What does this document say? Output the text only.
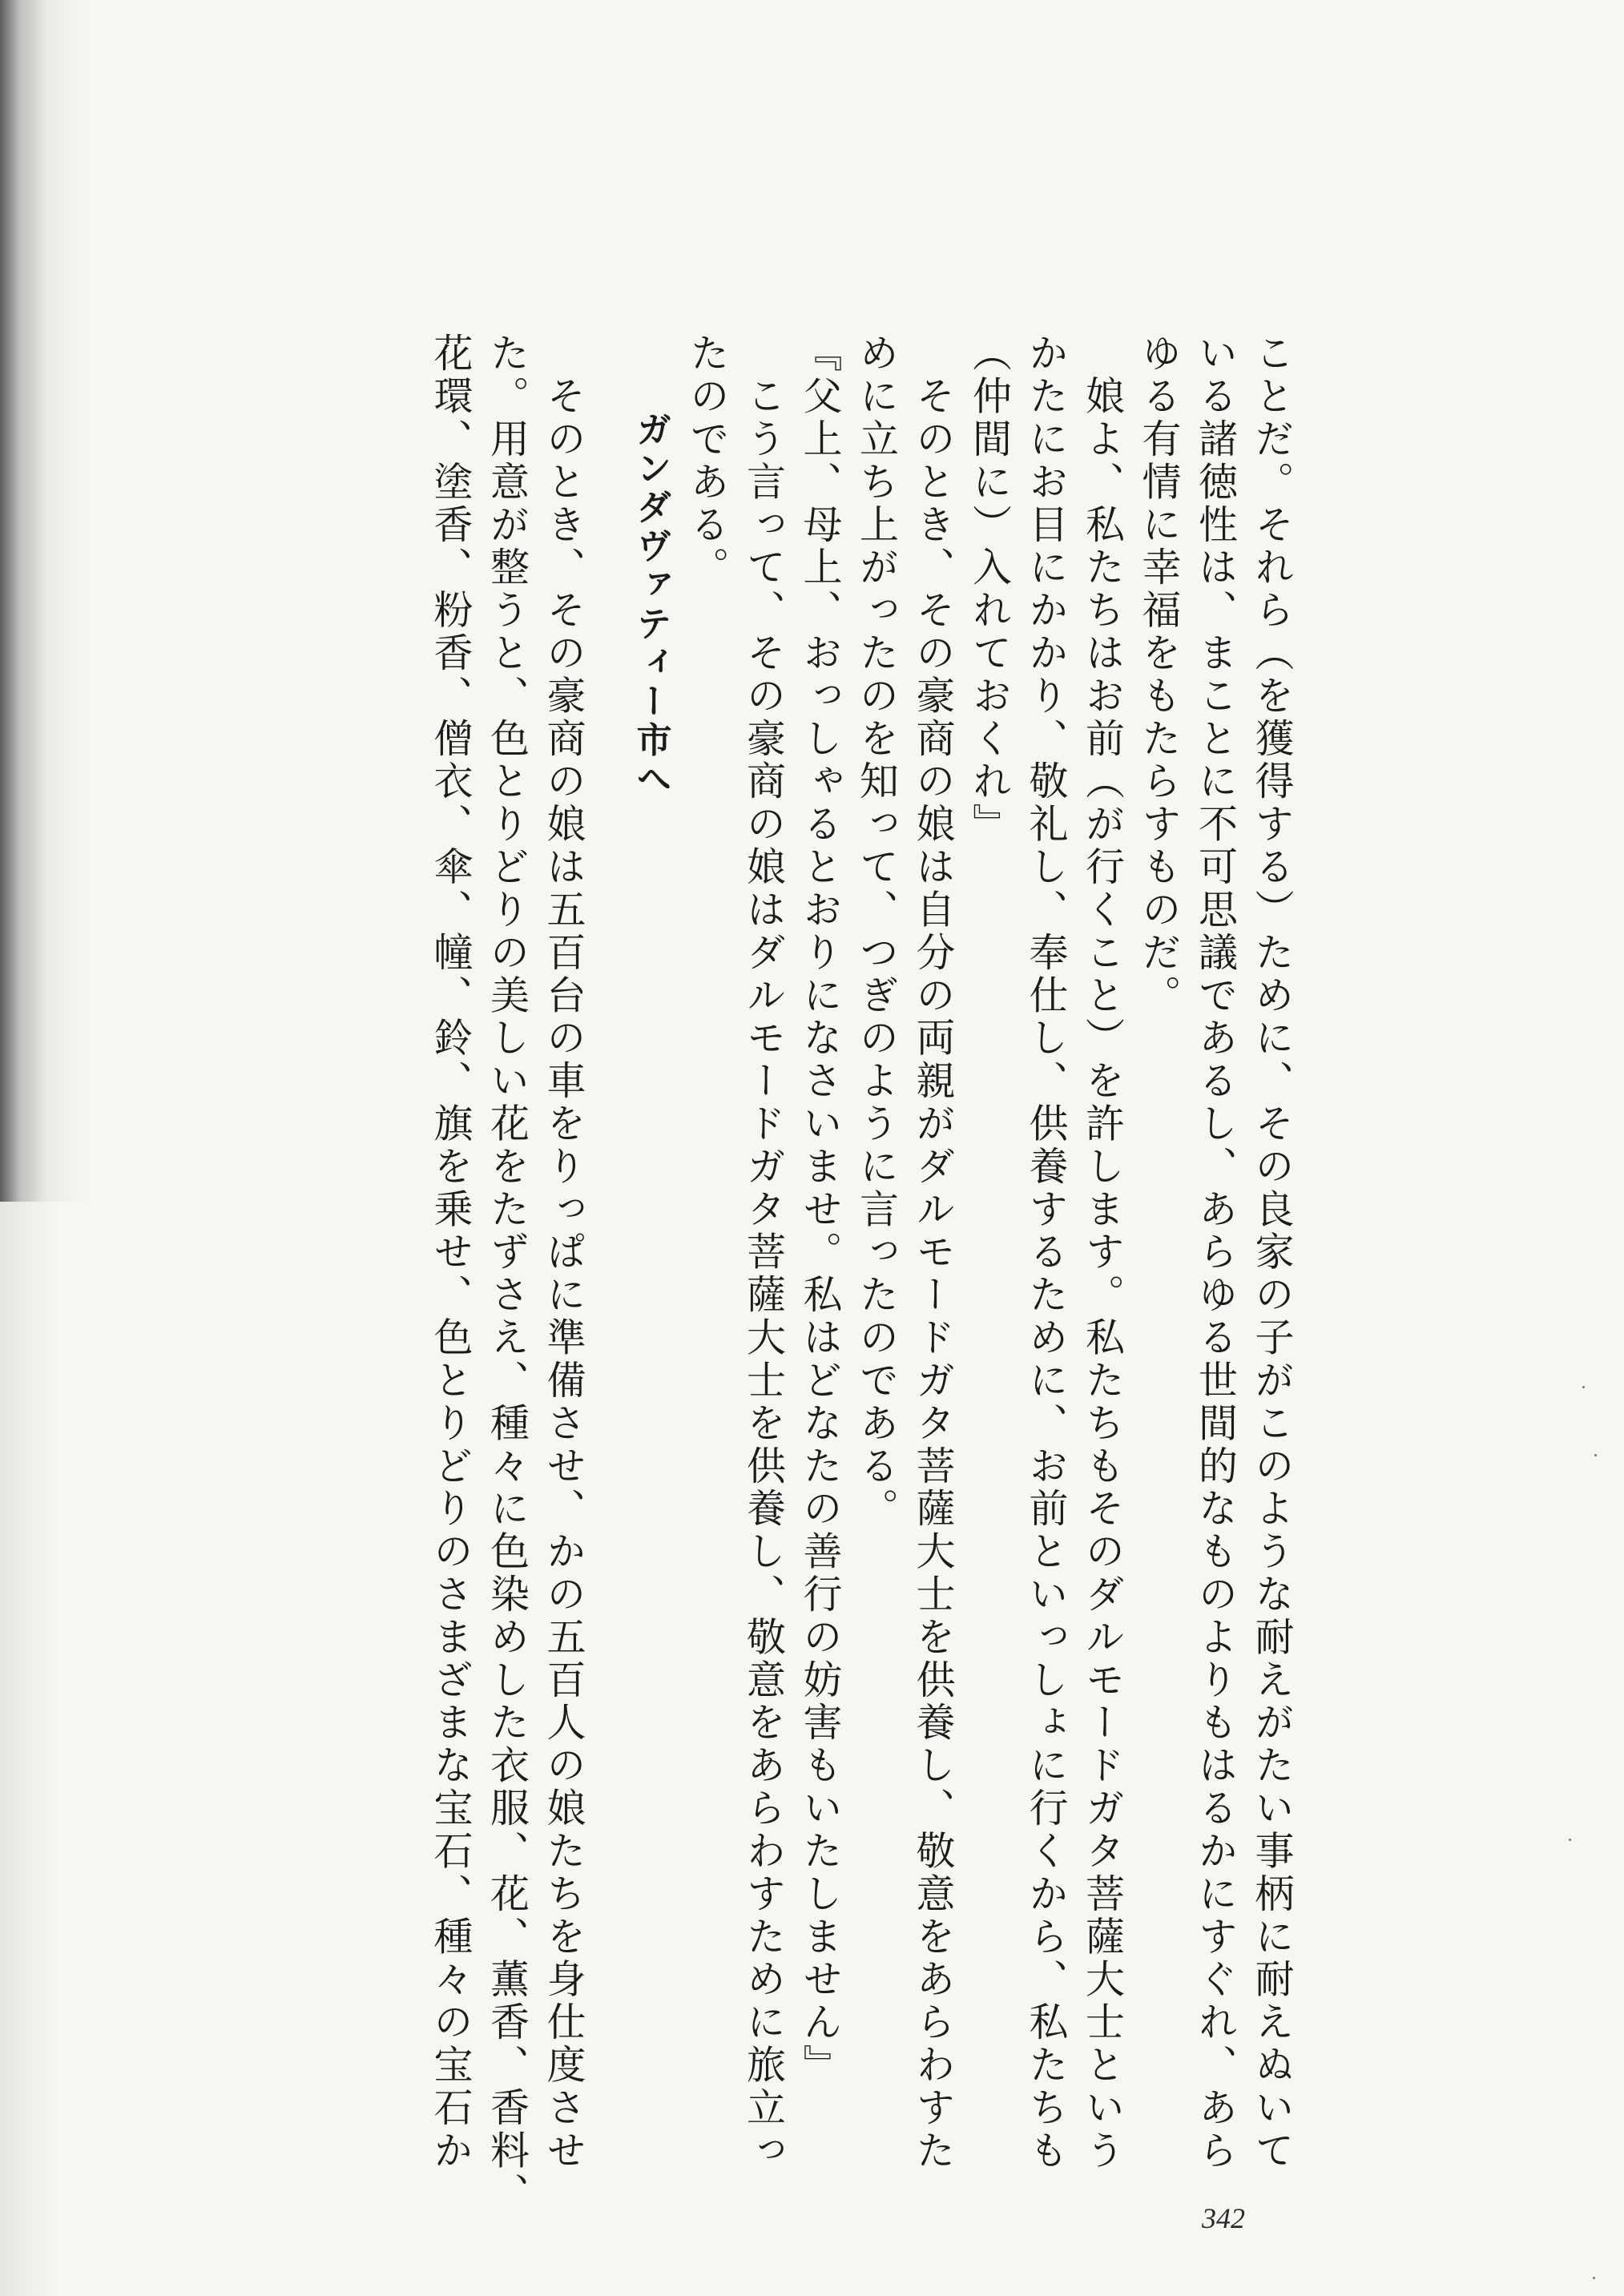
ことだ。それら（を獲得する）ために、その良家の子がこのような耐えがたい事柄に耐えぬいて
いる諸徳性は、まことに不可思議であるし、あらゆる世間的なものよりもはるかにすぐれ、あら
ゆる有情に幸福をもたらすものだ。
　娘よ、私たちはお前（が行くこと）を許します。私たちもそのダルモードガタ菩薩大士という
かたにお目にかかり、敬礼し、奉仕し、供養するために、お前といっしょに行くから、私たちも
（仲間に）入れておくれ』
　そのとき、その豪商の娘は自分の両親がダルモードガタ菩薩大士を供養し、敬意をあらわすた
めに立ち上がったのを知って、つぎのように言ったのである。
『父上、母上、おっしゃるとおりになさいませ。私はどなたの善行の妨害もいたしません』
　こう言って、その豪商の娘はダルモードガタ菩薩大士を供養し、敬意をあらわすために旅立っ
たのである。
ガンダヴァティー市へ
　そのとき、その豪商の娘は五百台の車をりっぱに準備させ、かの五百人の娘たちを身仕度させ
た。用意が整うと、色とりどりの美しい花をたずさえ、種々に色染めした衣服、花、薫香、香料、
花環、塗香、粉香、僧衣、傘、幢、鈴、旗を乗せ、色とりどりのさまざまな宝石、種々の宝石か
342
